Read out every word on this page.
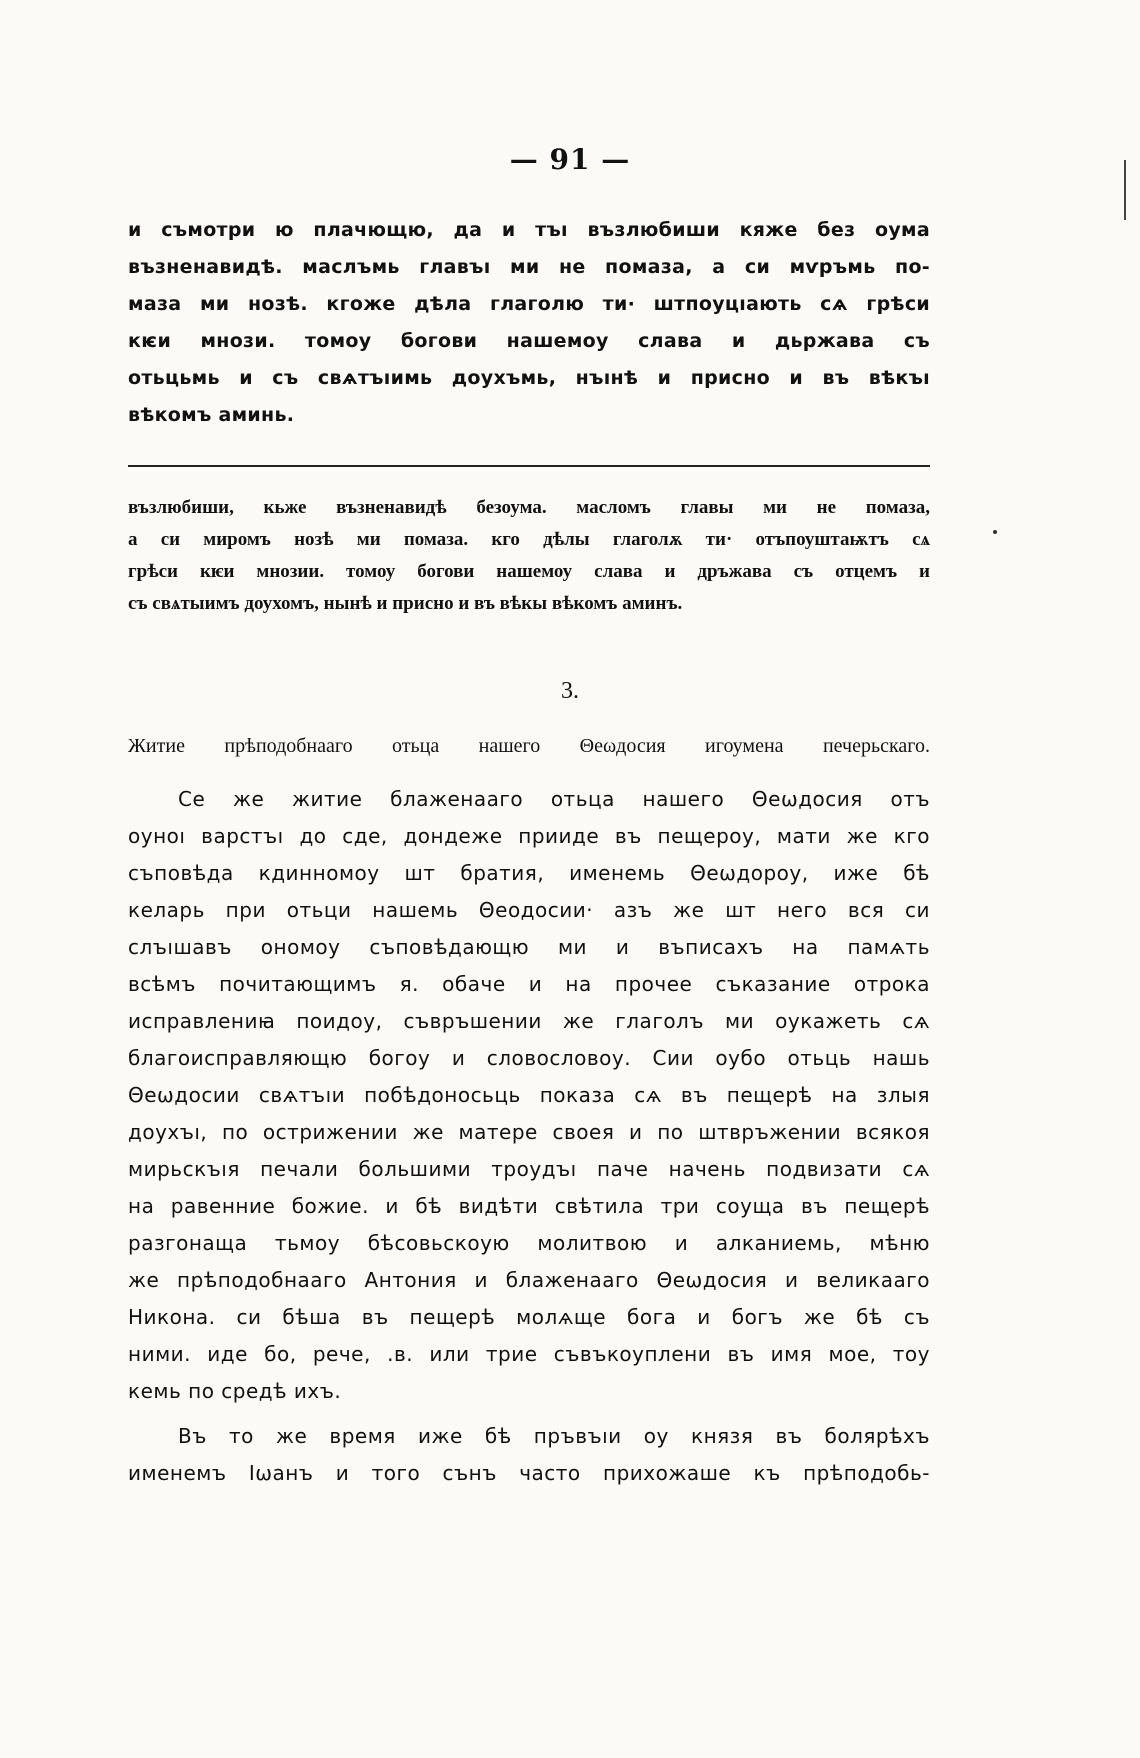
— 91 —
и съмотри ю плачющю, да и тъı възлюбиши кяже без оума
възненавидѣ. маслъмь главъı ми не помаза, а си мѵръмь по-
маза ми нозѣ. кгоже дѣла глаголю ти· штпоуцıають сѧ грѣси
кѥи мнози. томоу богови нашемоу слава и дьржава съ
отьцьмь и съ свѧтъıимь доухъмь, нъıнѣ и присно и въ вѣкъı
вѣкомъ аминь.
възлюбиши, кьже възненавидѣ безоума. масломъ главы ми не помаза,
а си миромъ нозѣ ми помаза. кго дѣлы глаголѫ ти· отъпоуштаѭтъ сѧ
грѣси кѥи мнозии. томоу богови нашемоу слава и дръжава съ отцемъ и
съ свѧтыимъ доухомъ, нынѣ и присно и въ вѣкы вѣкомъ аминъ.
3.
Житие прѣподобнааго отьца нашего Θеωдосия игоумена печерьскаго.
Се же житие блаженаагo отьца нашего Θеωдосия отъ
оуноı варстъı до сде, дондеже прииде въ пещерoу, мати же кго
съповѣда кдинномоу шт братия, именемь Θеωдороу, иже бѣ
келарь при отьци нашемь Θеодосии· азъ же шт него вся си
слъıшавъ ономоу съповѣдающю ми и въписахъ на памѧть
всѣмъ почитающимъ я. обаче и на прочее съказание отрока
исправлениꙗ поидоу, съвръшении же глаголъ ми оукажеть сѧ
благоисправляющю богоу и словословоу. Сии оубо отьць нашь
Θеωдосии свѧтъıи побѣдоносьць показа сѧ въ пещерѣ на злыя
доухъı, по острижении же матере своея и по штвръжении всякоя
мирьскъıя печали большими троудъı паче начень подвизати сѧ
на равенние божие. и бѣ видѣти свѣтила три соуща въ пещерѣ
разгонаща тьмоу бѣсовьскоую молитвою и алканиемь, мѣню
же прѣподобнааго Антония и блаженааго Θеωдосия и великааго
Никона. си бѣша въ пещерѣ молѧще бога и богъ же бѣ съ
ними. иде бо, рече, .в. или трие съвъкоуплени въ имя мое, тоу
кемь по средѣ ихъ.
Въ то же время иже бѣ пръвъıи оу князя въ болярѣхъ
именемъ Iωанъ и того сънъ часто прихожаше къ прѣподобь-
